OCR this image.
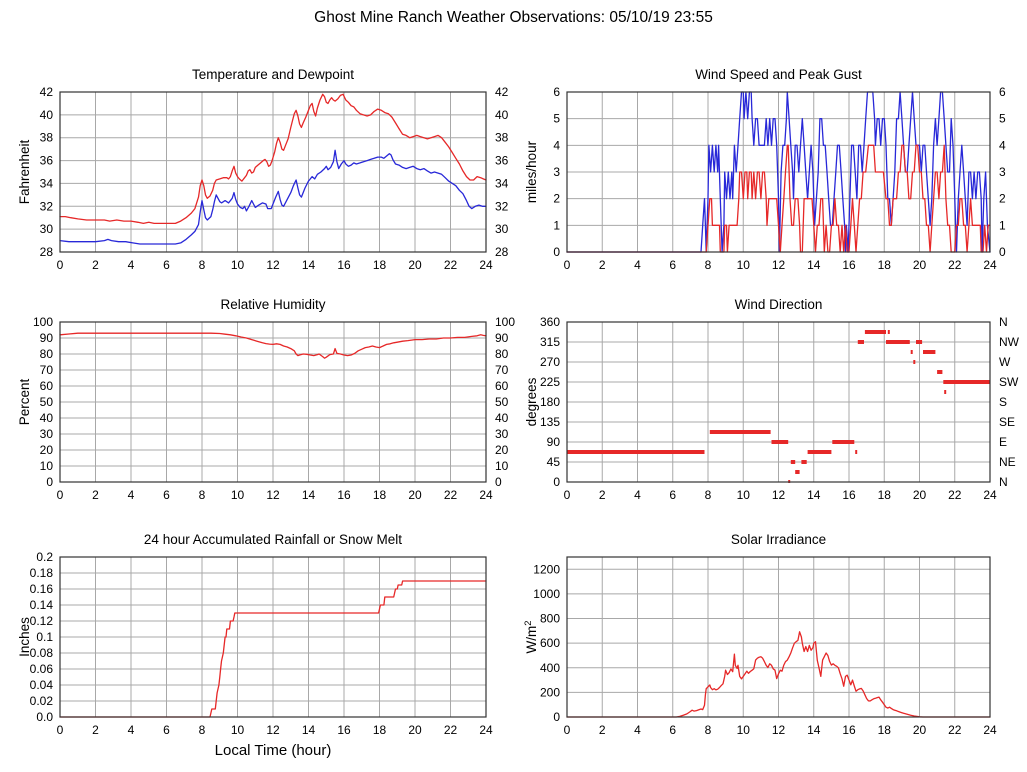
Ghost Mine Ranch Weather Observations: 05/10/19 23:55
Temperature and Dewpoint
Fahrenheit
28
30
32
34
36
38
40
42
28
30
32
34
36
38
40
42
0 2 4 6 8 10 12 14 16 18 20 22 24
Wind Speed and Peak Gust
miles/hour
0
1
2
3
4
5
6
0
1
2
3
4
5
6
0 2 4 6 8 10 12 14 16 18 20 22 24
Relative Humidity
Percent
0
10
20
30
40
50
60
70
80
90
100
0
10
20
30
40
50
60
70
80
90
100
0 2 4 6 8 10 12 14 16 18 20 22 24
Wind Direction
degrees
0
45
90
135
180
225
270
315
360
N
NE
E
SE
S
SW
W
NW
N
0 2 4 6 8 10 12 14 16 18 20 22 24
24 hour Accumulated Rainfall or Snow Melt
Inches
0.0
0.02
0.04
0.06
0.08
0.1
0.12
0.14
0.16
0.18
0.2
0 2 4 6 8 10 12 14 16 18 20 22 24
Local Time (hour)
Solar Irradiance
$W/m^2$
0
200
400
600
800
1000
1200
0 2 4 6 8 10 12 14 16 18 20 22 24
